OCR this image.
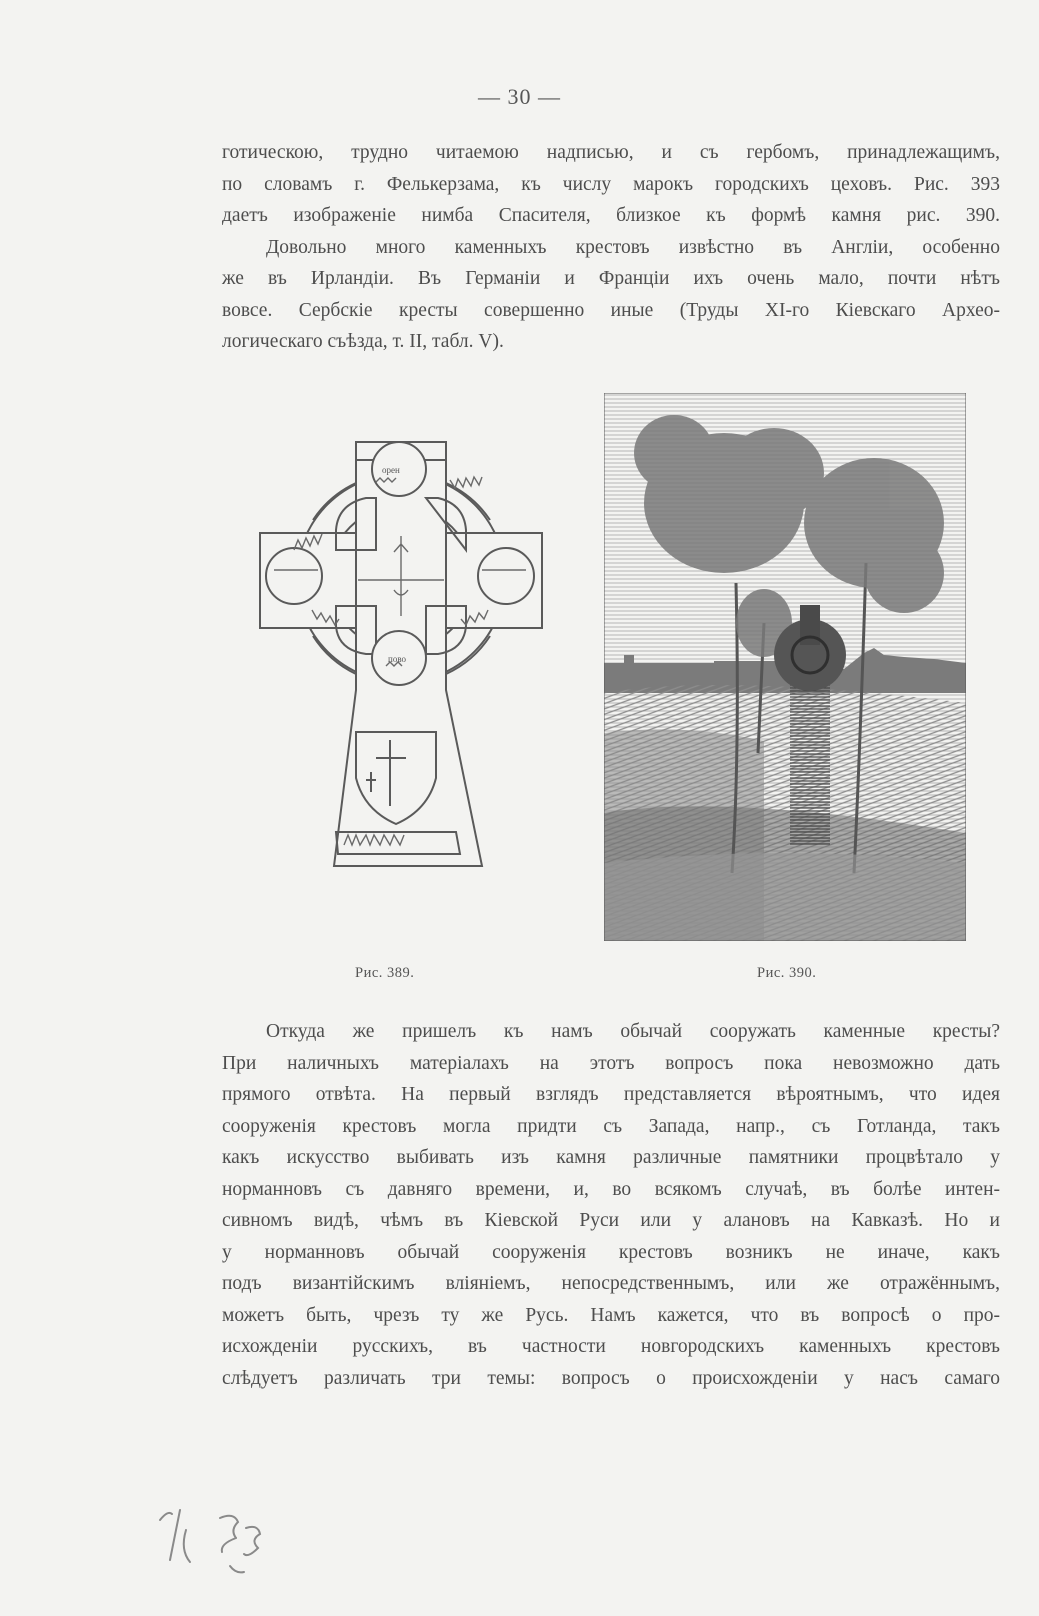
— 30 —
готическою, трудно читаемою надписью, и съ гербомъ, принадлежащимъ,
по словамъ г. Фелькерзама, къ числу марокъ городскихъ цеховъ. Рис. 393
даетъ изображеніе нимба Спасителя, близкое къ формѣ камня рис. 390.
Довольно много каменныхъ крестовъ извѣстно въ Англіи, особенно
же въ Ирландіи. Въ Германіи и Франціи ихъ очень мало, почти нѣтъ
вовсе. Сербскіе кресты совершенно иные (Труды XI-го Кіевскаго Архео-
логическаго съѣзда, т. II, табл. V).
орен
пово
Рис. 389.	Рис. 390.
Откуда же пришелъ къ намъ обычай сооружать каменные кресты?
При наличныхъ матеріалахъ на этотъ вопросъ пока невозможно дать
прямого отвѣта. На первый взглядъ представляется вѣроятнымъ, что идея
сооруженія крестовъ могла придти съ Запада, напр., съ Готланда, такъ
какъ искусство выбивать изъ камня различные памятники процвѣтало у
норманновъ съ давняго времени, и, во всякомъ случаѣ, въ болѣе интен-
сивномъ видѣ, чѣмъ въ Кіевской Руси или у алановъ на Кавказѣ. Но и
у норманновъ обычай сооруженія крестовъ возникъ не иначе, какъ
подъ византійскимъ вліяніемъ, непосредственнымъ, или же отражённымъ,
можетъ быть, чрезъ ту же Русь. Намъ кажется, что въ вопросѣ о про-
исхожденіи русскихъ, въ частности новгородскихъ каменныхъ крестовъ
слѣдуетъ различать три темы: вопросъ о происхожденіи у насъ самаго
